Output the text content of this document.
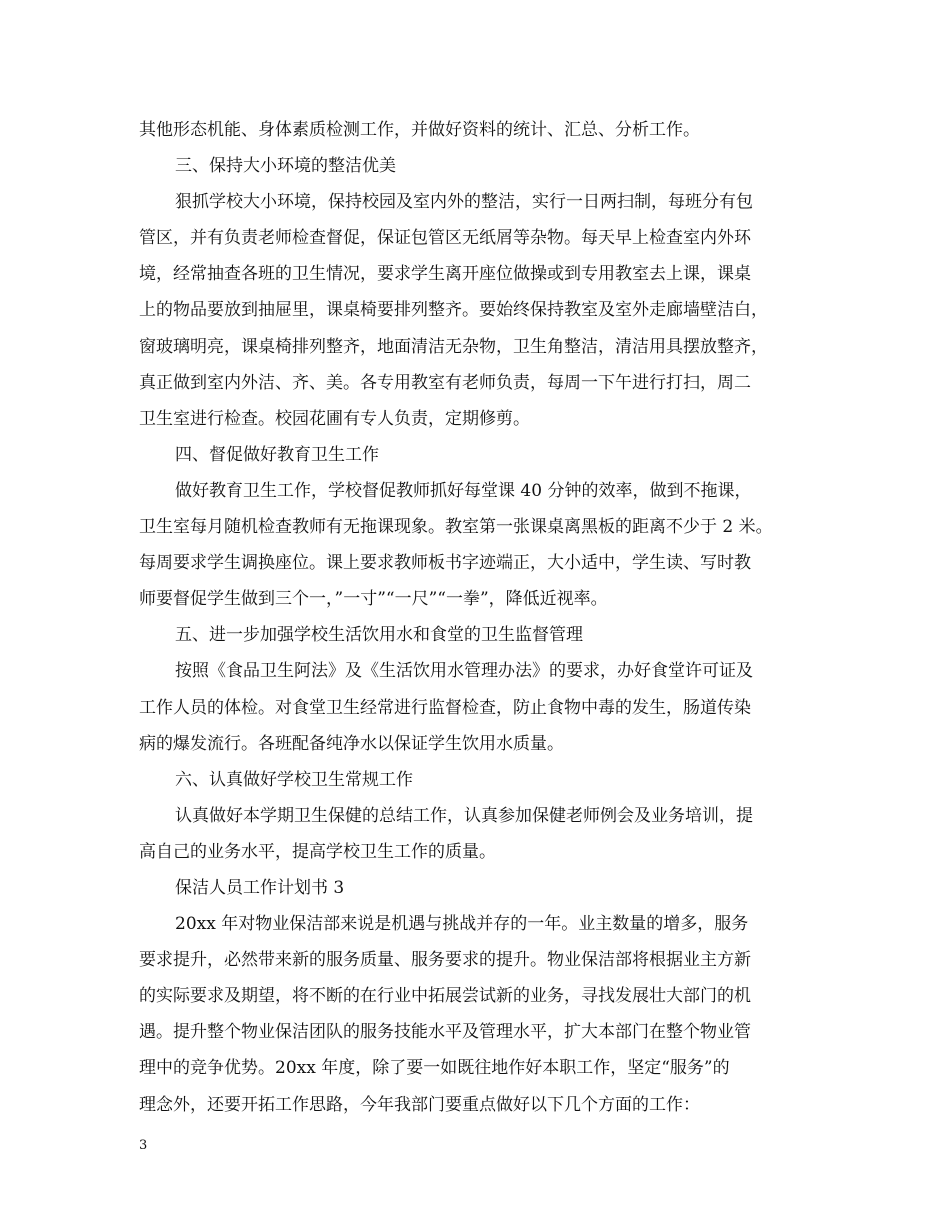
其他形态机能、身体素质检测工作，并做好资料的统计、汇总、分析工作。
三、保持大小环境的整洁优美
狠抓学校大小环境，保持校园及室内外的整洁，实行一日两扫制，每班分有包
管区，并有负责老师检查督促，保证包管区无纸屑等杂物。每天早上检查室内外环
境，经常抽查各班的卫生情况，要求学生离开座位做操或到专用教室去上课，课桌
上的物品要放到抽屉里，课桌椅要排列整齐。要始终保持教室及室外走廊墙壁洁白，
窗玻璃明亮，课桌椅排列整齐，地面清洁无杂物，卫生角整洁，清洁用具摆放整齐，
真正做到室内外洁、齐、美。各专用教室有老师负责，每周一下午进行打扫，周二
卫生室进行检查。校园花圃有专人负责，定期修剪。
四、督促做好教育卫生工作
做好教育卫生工作，学校督促教师抓好每堂课 40 分钟的效率，做到不拖课，
卫生室每月随机检查教师有无拖课现象。教室第一张课桌离黑板的距离不少于 2 米。
每周要求学生调换座位。课上要求教师板书字迹端正，大小适中，学生读、写时教
师要督促学生做到三个一，”一寸”“一尺”“一拳”，降低近视率。
五、进一步加强学校生活饮用水和食堂的卫生监督管理
按照《食品卫生阿法》及《生活饮用水管理办法》的要求，办好食堂许可证及
工作人员的体检。对食堂卫生经常进行监督检查，防止食物中毒的发生，肠道传染
病的爆发流行。各班配备纯净水以保证学生饮用水质量。
六、认真做好学校卫生常规工作
认真做好本学期卫生保健的总结工作，认真参加保健老师例会及业务培训，提
高自己的业务水平，提高学校卫生工作的质量。
保洁人员工作计划书 3
20xx 年对物业保洁部来说是机遇与挑战并存的一年。业主数量的增多，服务
要求提升，必然带来新的服务质量、服务要求的提升。物业保洁部将根据业主方新
的实际要求及期望，将不断的在行业中拓展尝试新的业务，寻找发展壮大部门的机
遇。提升整个物业保洁团队的服务技能水平及管理水平，扩大本部门在整个物业管
理中的竞争优势。20xx 年度，除了要一如既往地作好本职工作，坚定“服务”的
理念外，还要开拓工作思路，今年我部门要重点做好以下几个方面的工作：
3
